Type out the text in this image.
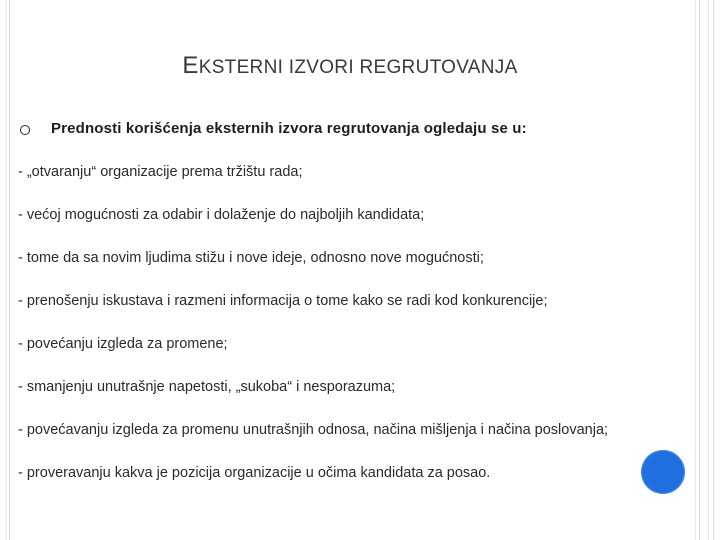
EKSTERNI IZVORI REGRUTOVANJA
Prednosti korišćenja eksternih izvora regrutovanja ogledaju se u:
- „otvaranju“ organizacije prema tržištu rada;
- većoj mogućnosti za odabir i dolaženje do najboljih kandidata;
- tome da sa novim ljudima stižu i nove ideje, odnosno nove mogućnosti;
- prenošenju iskustava i razmeni informacija o tome kako se radi kod konkurencije;
- povećanju izgleda za promene;
- smanjenju unutrašnje napetosti, „sukoba“ i nesporazuma;
- povećavanju izgleda za promenu unutrašnjih odnosa, načina mišljenja i načina poslovanja;
- proveravanju kakva je pozicija organizacije u očima kandidata za posao.
